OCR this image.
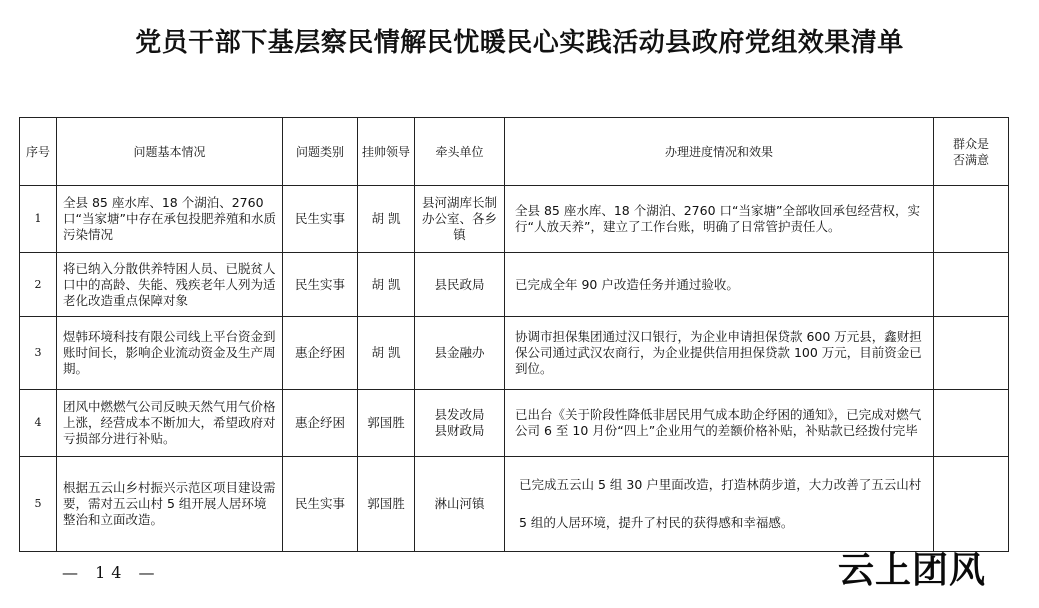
党员干部下基层察民情解民忧暖民心实践活动县政府党组效果清单
序号	问题基本情况	问题类别	挂帅领导	牵头单位	办理进度情况和效果	群众是否满意
1	全县 85 座水库、18 个湖泊、2760 口“当家塘”中存在承包投肥养殖和水质污染情况	民生实事	胡 凯	县河湖库长制办公室、各乡镇	全县 85 座水库、18 个湖泊、2760 口“当家塘”全部收回承包经营权，实行“人放天养”，建立了工作台账，明确了日常管护责任人。	
2	将已纳入分散供养特困人员、已脱贫人口中的高龄、失能、残疾老年人列为适老化改造重点保障对象	民生实事	胡 凯	县民政局	已完成全年 90 户改造任务并通过验收。	
3	煜韩环境科技有限公司线上平台资金到账时间长，影响企业流动资金及生产周期。	惠企纾困	胡 凯	县金融办	协调市担保集团通过汉口银行，为企业申请担保贷款 600 万元县，鑫财担保公司通过武汉农商行，为企业提供信用担保贷款 100 万元，目前资金已到位。	
4	团风中燃燃气公司反映天然气用气价格上涨，经营成本不断加大，希望政府对亏损部分进行补贴。	惠企纾困	郭国胜	县发改局
县财政局	已出台《关于阶段性降低非居民用气成本助企纾困的通知》，已完成对燃气公司 6 至 10 月份“四上”企业用气的差额价格补贴，补贴款已经拨付完毕	
5	根据五云山乡村振兴示范区项目建设需要，需对五云山村 5 组开展人居环境整治和立面改造。	民生实事	郭国胜	淋山河镇	已完成五云山 5 组 30 户里面改造，打造林荫步道，大力改善了五云山村 5 组的人居环境，提升了村民的获得感和幸福感。	
— 14 —	云上团风
